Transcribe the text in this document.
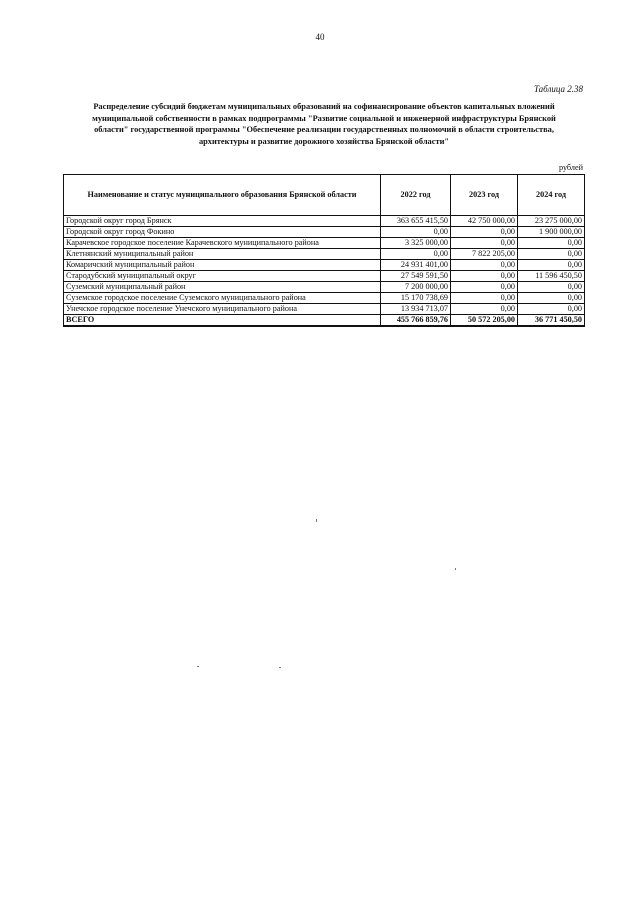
40
Таблица 2.38
Распределение субсидий бюджетам муниципальных образований на софинансирование объектов капитальных вложений муниципальной собственности в рамках подпрограммы "Развитие социальной и инженерной инфраструктуры Брянской области" государственной программы "Обеспечение реализации государственных полномочий в области строительства, архитектуры и развитие дорожного хозяйства Брянской области"
рублей
Наименование и статус муниципального образования Брянской области	2022 год	2023 год	2024 год
Городской округ город Брянск	363 655 415,50	42 750 000,00	23 275 000,00
Городской округ город Фокино	0,00	0,00	1 900 000,00
Карачевское городское поселение Карачевского муниципального района	3 325 000,00	0,00	0,00
Клетнянский муниципальный район	0,00	7 822 205,00	0,00
Комаричский муниципальный район	24 931 401,00	0,00	0,00
Стародубский муниципальный округ	27 549 591,50	0,00	11 596 450,50
Суземский муниципальный район	7 200 000,00	0,00	0,00
Суземское городское поселение Суземского муниципального района	15 170 738,69	0,00	0,00
Унечское городское поселение Унечского муниципального района	13 934 713,07	0,00	0,00
ВСЕГО	455 766 859,76	50 572 205,00	36 771 450,50
